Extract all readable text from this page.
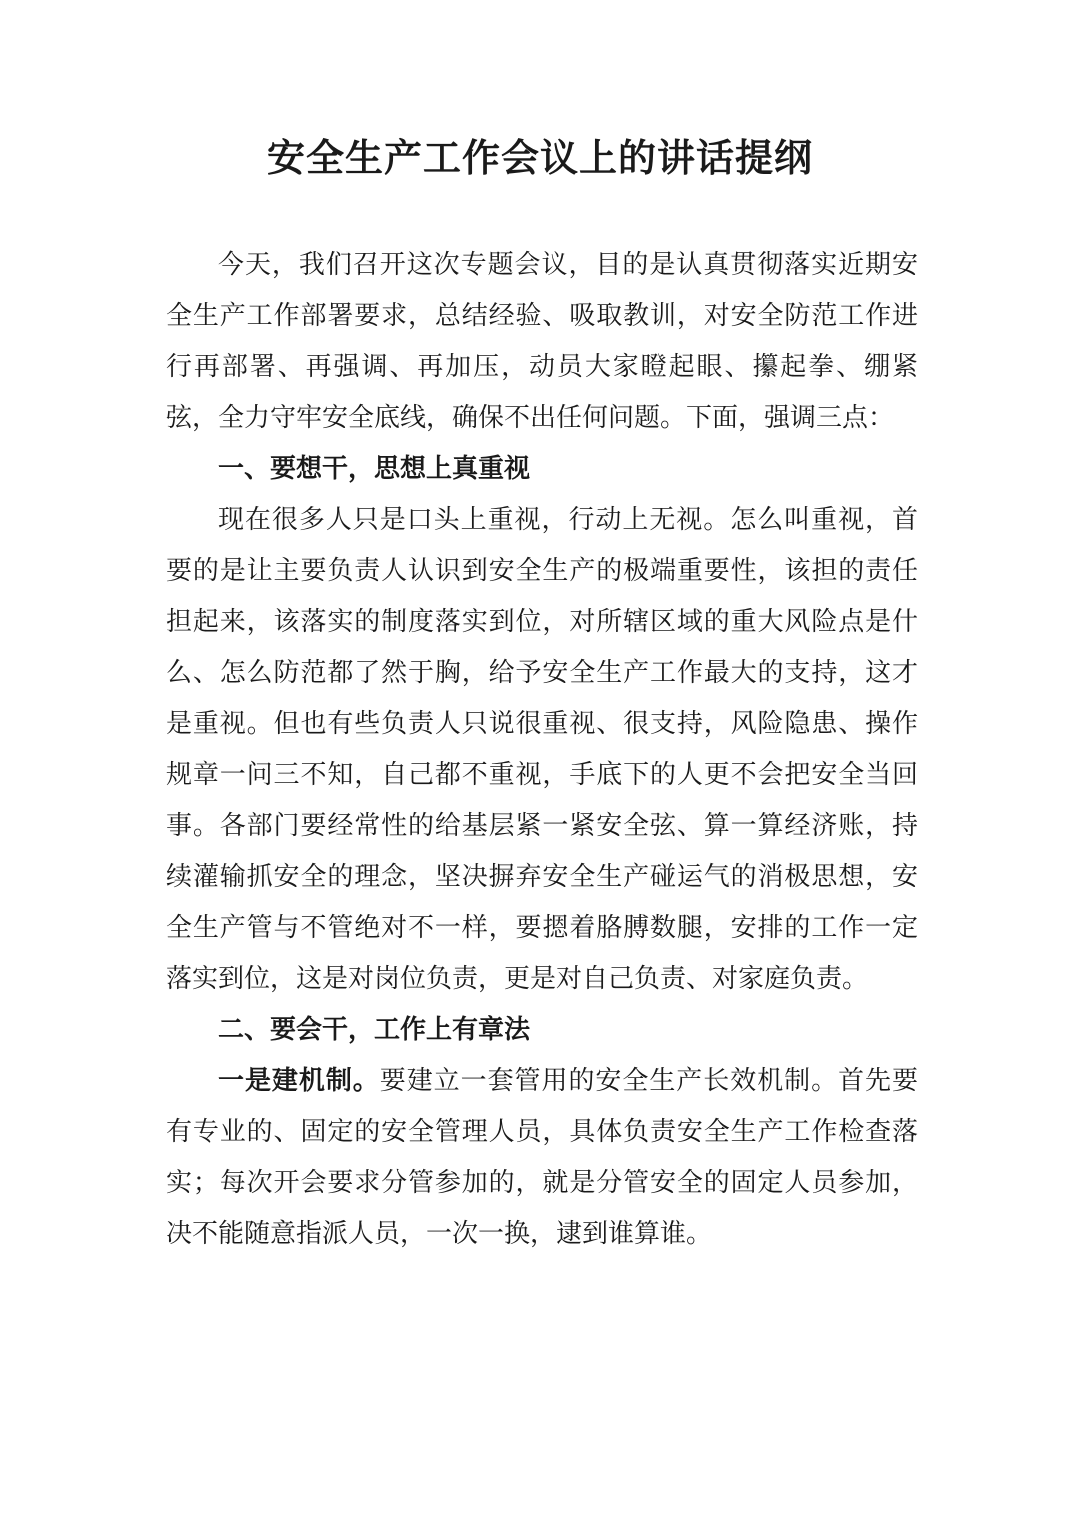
安全生产工作会议上的讲话提纲

今天，我们召开这次专题会议，目的是认真贯彻落实近期安全生产工作部署要求，总结经验、吸取教训，对安全防范工作进行再部署、再强调、再加压，动员大家瞪起眼、攥起拳、绷紧弦，全力守牢安全底线，确保不出任何问题。下面，强调三点：

一、要想干，思想上真重视

现在很多人只是口头上重视，行动上无视。怎么叫重视，首要的是让主要负责人认识到安全生产的极端重要性，该担的责任担起来，该落实的制度落实到位，对所辖区域的重大风险点是什么、怎么防范都了然于胸，给予安全生产工作最大的支持，这才是重视。但也有些负责人只说很重视、很支持，风险隐患、操作规章一问三不知，自己都不重视，手底下的人更不会把安全当回事。各部门要经常性的给基层紧一紧安全弦、算一算经济账，持续灌输抓安全的理念，坚决摒弃安全生产碰运气的消极思想，安全生产管与不管绝对不一样，要摁着胳膊数腿，安排的工作一定落实到位，这是对岗位负责，更是对自己负责、对家庭负责。

二、要会干，工作上有章法

一是建机制。要建立一套管用的安全生产长效机制。首先要有专业的、固定的安全管理人员，具体负责安全生产工作检查落实；每次开会要求分管参加的，就是分管安全的固定人员参加，决不能随意指派人员，一次一换，逮到谁算谁。
